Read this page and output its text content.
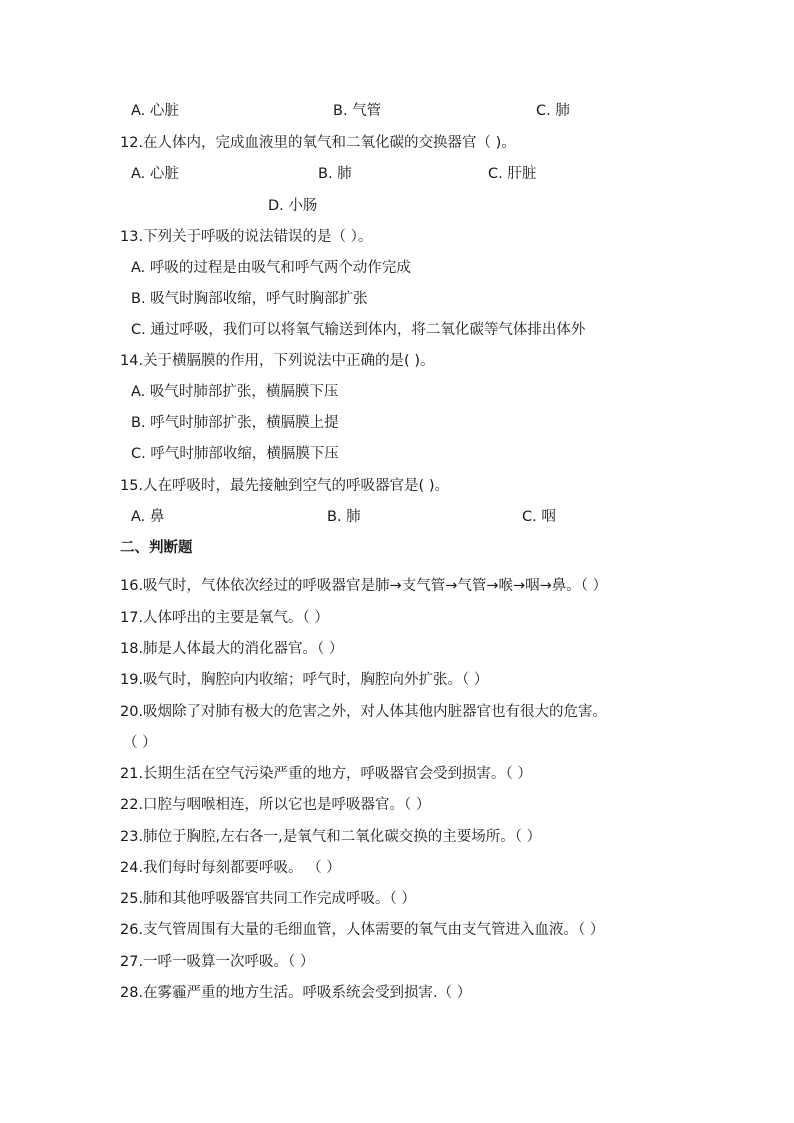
A. 心脏	B. 气管	C. 肺
12.在人体内，完成血液里的氧气和二氧化碳的交换器官（ )。
A. 心脏	B. 肺	C. 肝脏
D. 小肠
13.下列关于呼吸的说法错误的是（ ）。
A. 呼吸的过程是由吸气和呼气两个动作完成
B. 吸气时胸部收缩，呼气时胸部扩张
C. 通过呼吸，我们可以将氧气输送到体内，将二氧化碳等气体排出体外
14.关于横膈膜的作用，下列说法中正确的是( )。
A. 吸气时肺部扩张，横膈膜下压
B. 呼气时肺部扩张，横膈膜上提
C. 呼气时肺部收缩，横膈膜下压
15.人在呼吸时，最先接触到空气的呼吸器官是( )。
A. 鼻	B. 肺	C. 咽
二、判断题
16.吸气时，气体依次经过的呼吸器官是肺→支气管→气管→喉→咽→鼻。（ ）
17.人体呼出的主要是氧气。（ ）
18.肺是人体最大的消化器官。（ ）
19.吸气时，胸腔向内收缩；呼气时，胸腔向外扩张。（ ）
20.吸烟除了对肺有极大的危害之外，对人体其他内脏器官也有很大的危害。
（ ）
21.长期生活在空气污染严重的地方，呼吸器官会受到损害。（ ）
22.口腔与咽喉相连，所以它也是呼吸器官。（ ）
23.肺位于胸腔,左右各一,是氧气和二氧化碳交换的主要场所。（ ）
24.我们每时每刻都要呼吸。 （ ）
25.肺和其他呼吸器官共同工作完成呼吸。（ ）
26.支气管周围有大量的毛细血管，人体需要的氧气由支气管进入血液。（ ）
27.一呼一吸算一次呼吸。（ ）
28.在雾霾严重的地方生活。呼吸系统会受到损害.（ ）
